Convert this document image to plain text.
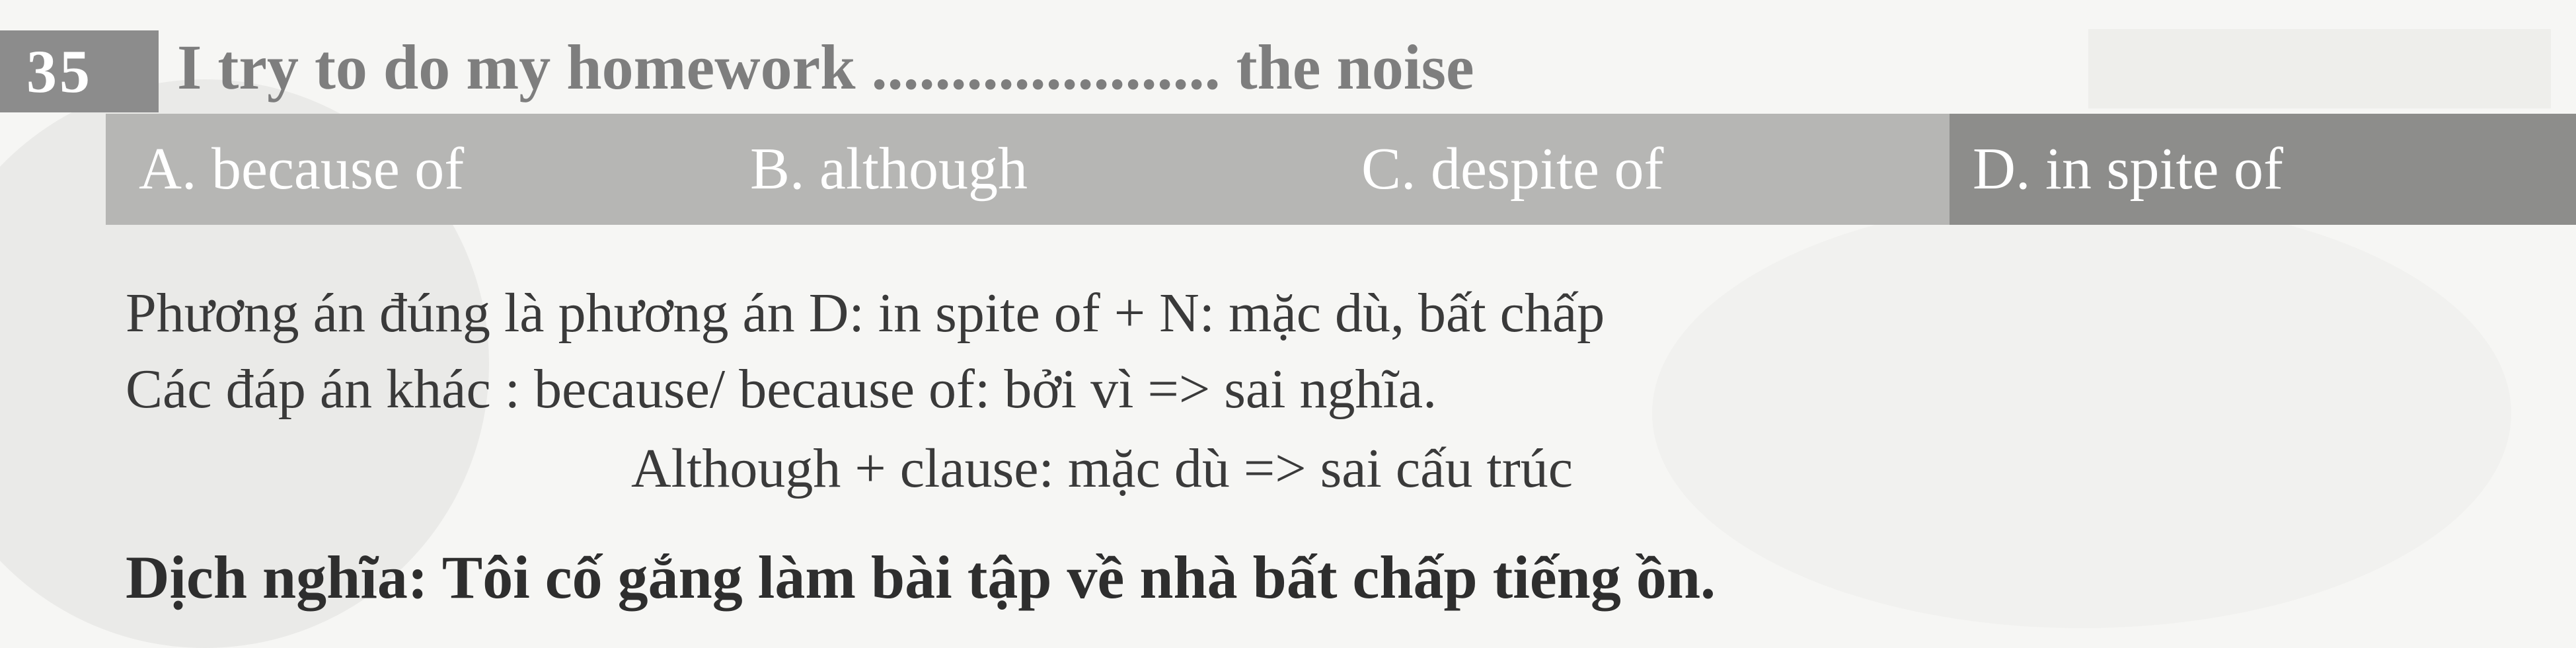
35	I try to do my homework ...................... the noise
A. because of	B. although	C. despite of	D. in spite of
Phương án đúng là phương án D: in spite of + N: mặc dù, bất chấp
Các đáp án khác : because/ because of: bởi vì => sai nghĩa.
Although + clause: mặc dù => sai cấu trúc
Dịch nghĩa: Tôi cố gắng làm bài tập về nhà bất chấp tiếng ồn.
